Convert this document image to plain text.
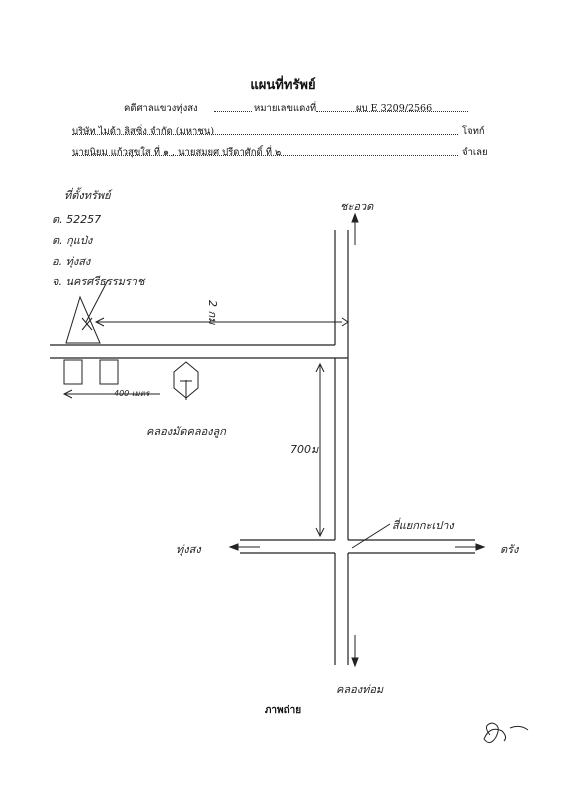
แผนที่ทรัพย์
คดีศาลแขวงทุ่งสง	หมายเลขแดงที่	ผบ E 3209/2566
บริษัท ไมด้า ลิสซิ่ง จำกัด (มหาชน)	โจทก์
นายนิยม แก้วสุขใส ที่ ๑ , นายสมยศ ปรีดาศักดิ์ ที่ ๒	จำเลย
ที่ตั้งทรัพย์
ต. 52257
ต. กุแป่ง
อ. ทุ่งสง
จ. นครศรีธรรมราช
ชะอวด
คลองท่อม
ทุ่งสง	ตรัง
2 กม
700ม
400 เมตร
คลองมัดคลองลูก
สี่แยกกะเปาง
ภาพถ่าย
